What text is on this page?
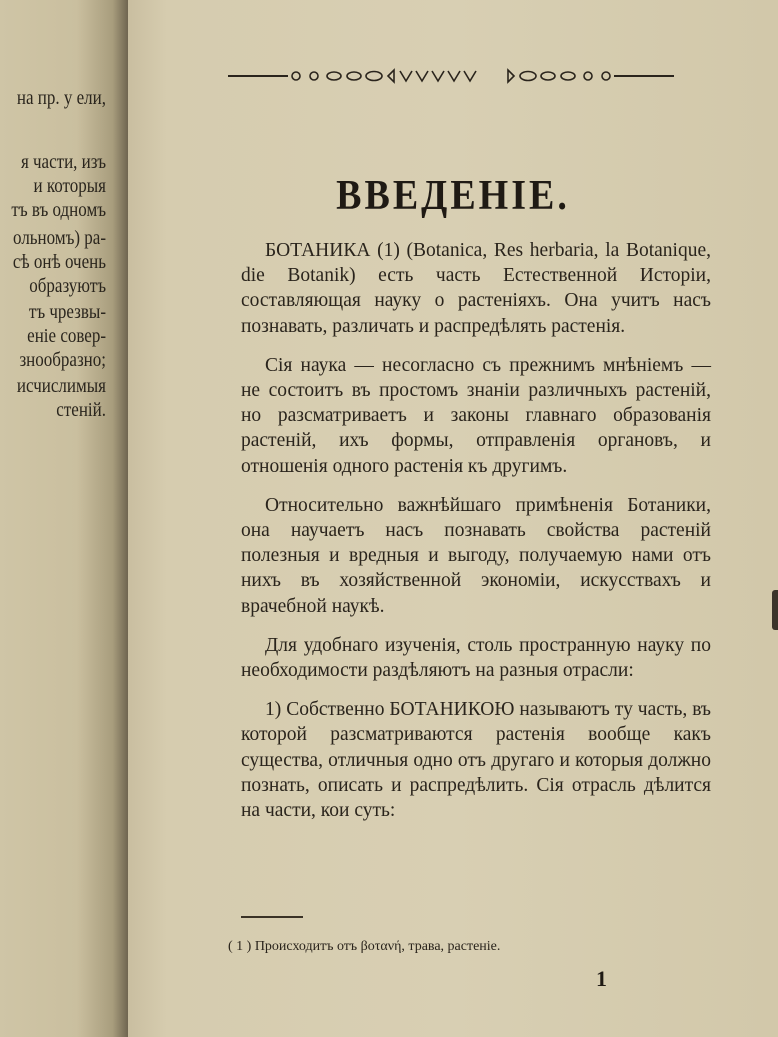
на пр. у ели,
я части, изъ
и которыя
тъ въ одномъ
ольномъ) ра-
сѣ онѣ очень
образуютъ
тъ чрезвы-
еніе совер-
знообразно;
исчислимыя
стеній.
ВВЕДЕНІЕ.

БОТАНИКА (1) (Botanica, Res herbaria, la Botanique, die Botanik) есть часть Естественной Исторіи, составляющая науку о растеніяхъ. Она учитъ насъ познавать, различать и распредѣлять растенія.

Сія наука — несогласно съ прежнимъ мнѣніемъ — не состоитъ въ простомъ знаніи различныхъ растеній, но разсматриваетъ и законы главнаго образованія растеній, ихъ формы, отправленія органовъ, и отношенія одного растенія къ другимъ.

Относительно важнѣйшаго примѣненія Ботаники, она научаетъ насъ познавать свойства растеній полезныя и вредныя и выгоду, получаемую нами отъ нихъ въ хозяйственной экономіи, искусствахъ и врачебной наукѣ.

Для удобнаго изученія, столь пространную науку по необходимости раздѣляютъ на разныя отрасли:

1) Собственно БОТАНИКОЮ называютъ ту часть, въ которой разсматриваются растенія вообще какъ существа, отличныя одно отъ другаго и которыя должно познать, описать и распредѣлить. Сія отрасль дѣлится на части, кои суть:

( 1 ) Происходитъ отъ βοτανή, трава, растеніе.
1
